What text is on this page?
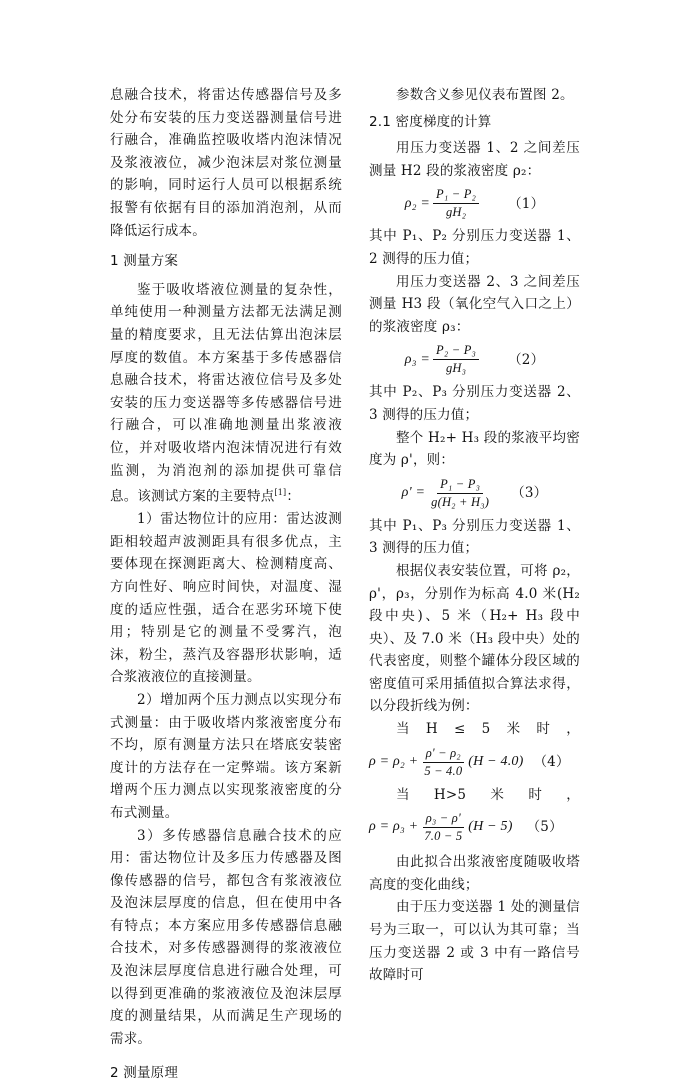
息融合技术，将雷达传感器信号及多处分布安装的压力变送器测量信号进行融合，准确监控吸收塔内泡沫情况及浆液液位，减少泡沫层对浆位测量的影响，同时运行人员可以根据系统报警有依据有目的添加消泡剂，从而降低运行成本。

1 测量方案

鉴于吸收塔液位测量的复杂性，单纯使用一种测量方法都无法满足测量的精度要求，且无法估算出泡沫层厚度的数值。本方案基于多传感器信息融合技术，将雷达液位信号及多处安装的压力变送器等多传感器信号进行融合，可以准确地测量出浆液液位，并对吸收塔内泡沫情况进行有效监测，为消泡剂的添加提供可靠信息。该测试方案的主要特点[1]：

1）雷达物位计的应用：雷达波测距相较超声波测距具有很多优点，主要体现在探测距离大、检测精度高、方向性好、响应时间快，对温度、湿度的适应性强，适合在恶劣环境下使用；特别是它的测量不受雾汽，泡沫，粉尘，蒸汽及容器形状影响，适合浆液液位的直接测量。

2）增加两个压力测点以实现分布式测量：由于吸收塔内浆液密度分布不均，原有测量方法只在塔底安装密度计的方法存在一定弊端。该方案新增两个压力测点以实现浆液密度的分布式测量。

3）多传感器信息融合技术的应用：雷达物位计及多压力传感器及图像传感器的信号，都包含有浆液液位及泡沫层厚度的信息，但在使用中各有特点；本方案应用多传感器信息融合技术，对多传感器测得的浆液液位及泡沫层厚度信息进行融合处理，可以得到更准确的浆液液位及泡沫层厚度的测量结果，从而满足生产现场的需求。

2 测量原理

参数含义参见仪表布置图 2。

2.1 密度梯度的计算

用压力变送器 1、2 之间差压测量 H2 段的浆液密度 ρ₂：

$\rho_2 = \frac{\text{P₁ − P₂}}{\text{gH₂}} (1)$

其中 P₁、P₂ 分别压力变送器 1、2 测得的压力值；

用压力变送器 2、3 之间差压测量 H3 段（氧化空气入口之上）的浆液密度 ρ₃：

$\rho_3 = \frac{\text{P₂ − P₃}}{\text{gH₃}} (2)$

其中 P₂、P₃ 分别压力变送器 2、3 测得的压力值；

整个 H₂+ H₃ 段的浆液平均密度为 ρ'，则：

$\rho' = \frac{\text{P₁ − P₃}}{\text{g(H₂ + H₃)}} (3)$

其中 P₁、P₃ 分别压力变送器 1、3 测得的压力值；

根据仪表安装位置，可将 ρ₂，ρ'，ρ₃，分别作为标高 4.0 米(H₂ 段中央)、5 米（H₂+ H₃ 段中央）、及 7.0 米（H₃ 段中央）处的代表密度，则整个罐体分段区域的密度值可采用插值拟合算法求得，以分段折线为例：

当 H ≤ 5 米 时 ，
$\rho = \rho_2 + \frac{\text{ρ' − ρ₂}}{5 - 4.0} (H - 4.0)$ （4）
当 H>5 米 时 ，
$\rho = \rho_3 + \frac{\text{ρ₃ − ρ'}}{7.0 - 5} (H - 5)$ （5）

由此拟合出浆液密度随吸收塔高度的变化曲线；

由于压力变送器 1 处的测量信号为三取一，可以认为其可靠；当压力变送器 2 或 3 中有一路信号故障时可
